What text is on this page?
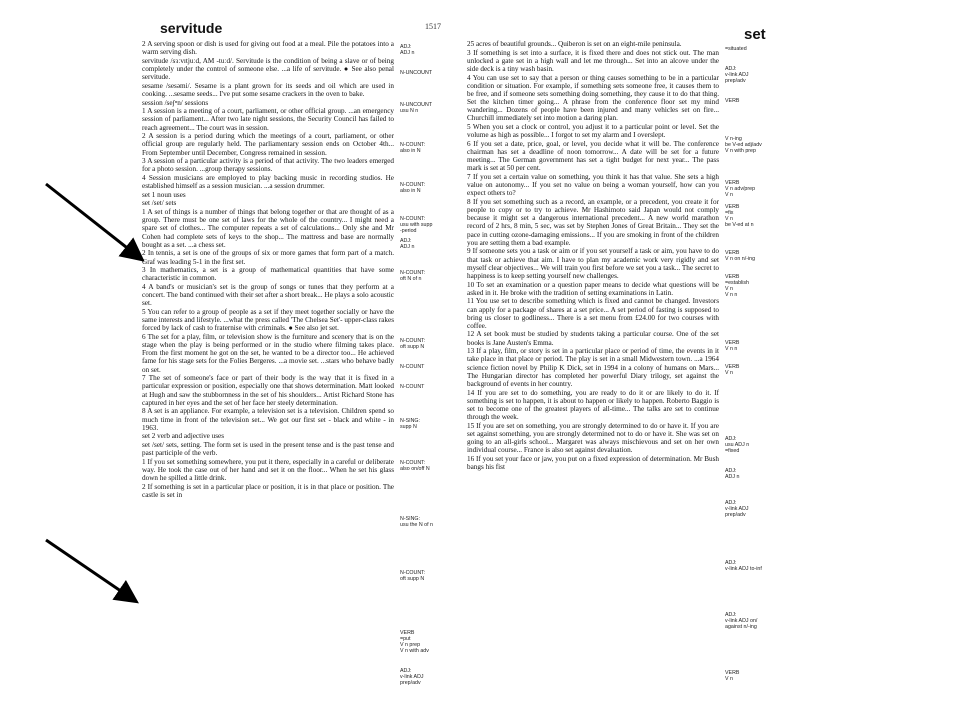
servitude	1517	set

2 A serving spoon or dish is used for giving out food at a meal. Pile the potatoes into a warm serving dish.

servitude /sɜːvɪtjuːd, AM -tuːd/. Servitude is the condition of being a slave or of being completely under the control of someone else. ...a life of servitude. ● See also penal servitude.

sesame /sesəmi/. Sesame is a plant grown for its seeds and oil which are used in cooking. ...sesame seeds... I've put some sesame crackers in the oven to bake.

session /seʃⁿn/ sessions

1 A session is a meeting of a court, parliament, or other official group. ...an emergency session of parliament... After two late night sessions, the Security Council has failed to reach agreement... The court was in session.

2 A session is a period during which the meetings of a court, parliament, or other official group are regularly held. The parliamentary session ends on October 4th... From September until December, Congress remained in session.

3 A session of a particular activity is a period of that activity. The two leaders emerged for a photo session. ...group therapy sessions.

4 Session musicians are employed to play backing music in recording studios. He established himself as a session musician. ...a session drummer.

set 1 noun uses

set /set/ sets

1 A set of things is a number of things that belong together or that are thought of as a group. There must be one set of laws for the whole of the country... I might need a spare set of clothes... The computer repeats a set of calculations... Only she and Mr Cohen had complete sets of keys to the shop... The mattress and base are normally bought as a set. ...a chess set.

2 In tennis, a set is one of the groups of six or more games that form part of a match. Graf was leading 5-1 in the first set.

3 In mathematics, a set is a group of mathematical quantities that have some characteristic in common.

4 A band's or musician's set is the group of songs or tunes that they perform at a concert. The band continued with their set after a short break... He plays a solo acoustic set.

5 You can refer to a group of people as a set if they meet together socially or have the same interests and lifestyle. ...what the press called 'The Chelsea Set'- upper-class rakes forced by lack of cash to fraternise with criminals. ● See also jet set.

6 The set for a play, film, or television show is the furniture and scenery that is on the stage when the play is being performed or in the studio where filming takes place. From the first moment he got on the set, he wanted to be a director too... He achieved fame for his stage sets for the Folies Bergeres. ...a movie set. ...stars who behave badly on set.

7 The set of someone's face or part of their body is the way that it is fixed in a particular expression or position, especially one that shows determination. Matt looked at Hugh and saw the stubbornness in the set of his shoulders... Artist Richard Stone has captured in her eyes and the set of her face her steely determination.

8 A set is an appliance. For example, a television set is a television. Children spend so much time in front of the television set... We got our first set - black and white - in 1963.

set 2 verb and adjective uses

set /set/ sets, setting. The form set is used in the present tense and is the past tense and past participle of the verb.

1 If you set something somewhere, you put it there, especially in a careful or deliberate way. He took the case out of her hand and set it on the floor... When he set his glass down he spilled a little drink.

2 If something is set in a particular place or position, it is in that place or position. The castle is set in

25 acres of beautiful grounds... Quiberon is set on an eight-mile peninsula.

3 If something is set into a surface, it is fixed there and does not stick out. The man unlocked a gate set in a high wall and let me through... Set into an alcove under the side deck is a tiny wash basin.

4 You can use set to say that a person or thing causes something to be in a particular condition or situation. For example, if something sets someone free, it causes them to be free, and if someone sets something doing something, they cause it to do that thing. Set the kitchen timer going... A phrase from the conference floor set my mind wandering... Dozens of people have been injured and many vehicles set on fire... Churchill immediately set into motion a daring plan.

5 When you set a clock or control, you adjust it to a particular point or level. Set the volume as high as possible... I forgot to set my alarm and I overslept.

6 If you set a date, price, goal, or level, you decide what it will be. The conference chairman has set a deadline of noon tomorrow... A date will be set for a future meeting... The German government has set a tight budget for next year... The pass mark is set at 50 per cent.

7 If you set a certain value on something, you think it has that value. She sets a high value on autonomy... If you set no value on being a woman yourself, how can you expect others to?

8 If you set something such as a record, an example, or a precedent, you create it for people to copy or to try to achieve. Mr Hashimoto said Japan would not comply because it might set a dangerous international precedent... A new world marathon record of 2 hrs, 8 min, 5 sec, was set by Stephen Jones of Great Britain... They set the pace in cutting ozone-damaging emissions... If you are smoking in front of the children you are setting them a bad example.

9 If someone sets you a task or aim or if you set yourself a task or aim, you have to do that task or achieve that aim. I have to plan my academic work very rigidly and set myself clear objectives... We will train you first before we set you a task... The secret to happiness is to keep setting yourself new challenges.

10 To set an examination or a question paper means to decide what questions will be asked in it. He broke with the tradition of setting examinations in Latin.

11 You use set to describe something which is fixed and cannot be changed. Investors can apply for a package of shares at a set price... A set period of fasting is supposed to bring us closer to godliness... There is a set menu from £24.00 for two courses with coffee.

12 A set book must be studied by students taking a particular course. One of the set books is Jane Austen's Emma.

13 If a play, film, or story is set in a particular place or period of time, the events in it take place in that place or period. The play is set in a small Midwestern town. ...a 1964 science fiction novel by Philip K Dick, set in 1994 in a colony of humans on Mars... The Hungarian director has completed her powerful Diary trilogy, set against the background of events in her country.

14 If you are set to do something, you are ready to do it or are likely to do it. If something is set to happen, it is about to happen or likely to happen. Roberto Baggio is set to become one of the greatest players of all-time... The talks are set to continue through the week.

15 If you are set on something, you are strongly determined to do or have it. If you are set against something, you are strongly determined not to do or have it. She was set on going to an all-girls school... Margaret was always mischievous and set on her own individual course... France is also set against devaluation.

16 If you set your face or jaw, you put on a fixed expression of determination. Mr Bush bangs his fist

ADJ:
ADJ n

N-UNCOUNT

N-UNCOUNT
usu N n

N-COUNT:
also in N

N-COUNT:
also in N

N-COUNT:
usu with supp
-period

ADJ:
ADJ n

N-COUNT:
oft N of n

N-COUNT:
oft supp N

N-COUNT

N-COUNT

N-SING:
supp N

N-COUNT:
also on/off N

N-SING:
usu the N of n

N-COUNT:
oft supp N

VERB
=put
V n prep
V n with adv

ADJ:
v-link ADJ
prep/adv

=situated

ADJ:
v-link ADJ
prep/adv

VERB

V n-ing
be V-ed adj/adv
V n with prep

VERB
V n adv/prep
V n

VERB
=fix
V n
be V-ed at n

VERB
V n on n/-ing

VERB
=establish
V n
V n n

VERB
V n n

VERB
V n

ADJ:
usu ADJ n
=fixed

ADJ:
ADJ n

ADJ:
v-link ADJ
prep/adv

ADJ:
v-link ADJ to-inf

ADJ:
v-link ADJ on/
against n/-ing

VERB
V n
